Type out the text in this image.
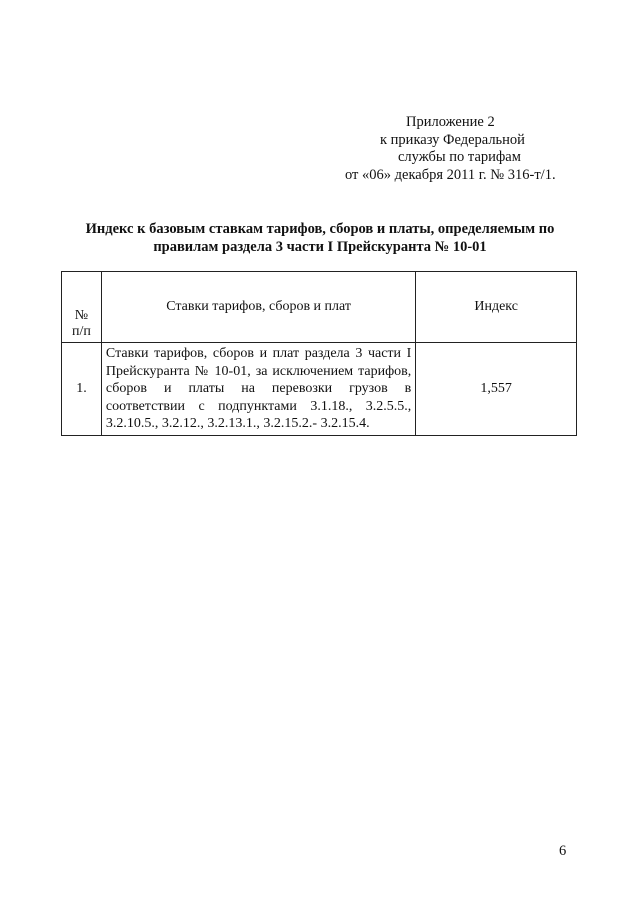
Приложение 2
к приказу Федеральной
службы по тарифам
от «06» декабря 2011 г. № 316-т/1.
Индекс к базовым ставкам тарифов, сборов и платы, определяемым по
правилам раздела 3 части I Прейскуранта № 10-01
№
п/п	Ставки тарифов, сборов и плат	Индекс
1.	Ставки тарифов, сборов и плат раздела 3 части I Прейскуранта № 10-01, за исключением тарифов, сборов и платы на перевозки грузов в соответствии с подпунктами 3.1.18., 3.2.5.5., 3.2.10.5., 3.2.12., 3.2.13.1., 3.2.15.2.- 3.2.15.4.	1,557
6
